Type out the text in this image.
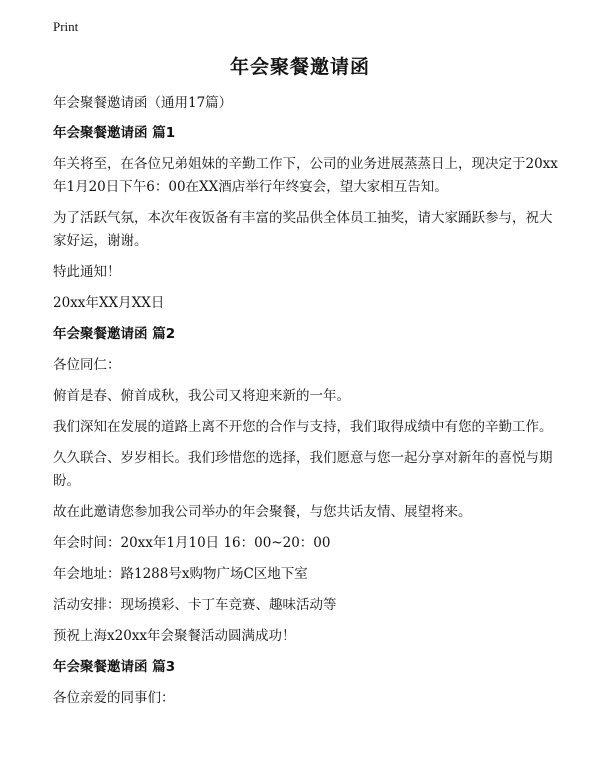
Print
年会聚餐邀请函

年会聚餐邀请函（通用17篇）

年会聚餐邀请函 篇1

年关将至，在各位兄弟姐妹的辛勤工作下，公司的业务进展蒸蒸日上，现决定于20xx年1月20日下午6：00在XX酒店举行年终宴会，望大家相互告知。

为了活跃气氛，本次年夜饭备有丰富的奖品供全体员工抽奖，请大家踊跃参与，祝大家好运，谢谢。

特此通知！

20xx年XX月XX日

年会聚餐邀请函 篇2

各位同仁：

俯首是春、俯首成秋，我公司又将迎来新的一年。

我们深知在发展的道路上离不开您的合作与支持，我们取得成绩中有您的辛勤工作。

久久联合、岁岁相长。我们珍惜您的选择，我们愿意与您一起分享对新年的喜悦与期盼。

故在此邀请您参加我公司举办的年会聚餐，与您共话友情、展望将来。

年会时间：20xx年1月10日 16：00~20：00

年会地址：路1288号x购物广场C区地下室

活动安排：现场摸彩、卡丁车竞赛、趣味活动等

预祝上海x20xx年会聚餐活动圆满成功！

年会聚餐邀请函 篇3

各位亲爱的同事们：
